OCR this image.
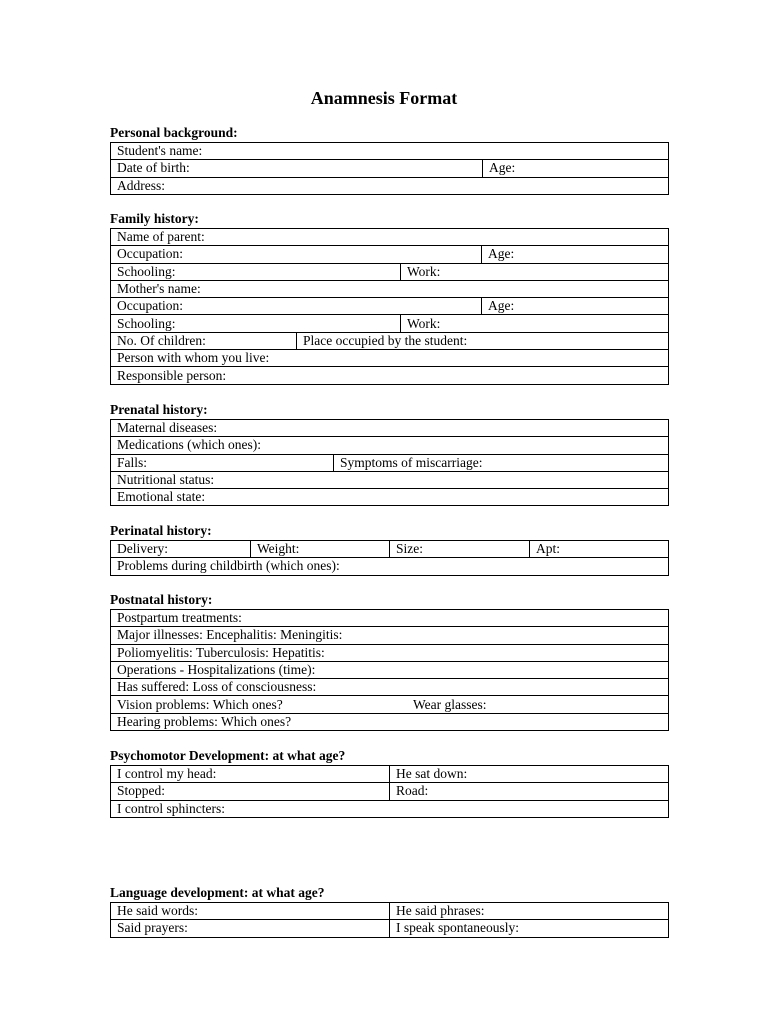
Anamnesis Format
Personal background:
Student's name:
Date of birth:	Age:
Address:
Family history:
Name of parent:			
Occupation:			Age:
Schooling:		Work:	
Mother's name:			
Occupation:			Age:
Schooling:		Work:	
No. Of children:	Place occupied by the student:		
Person with whom you live:			
Responsible person:			
Prenatal history:
Maternal diseases:
Medications (which ones):
Falls:	Symptoms of miscarriage:
Nutritional status:
Emotional state:
Perinatal history:
Delivery:	Weight:	Size:	Apt:
Problems during childbirth (which ones):
Postnatal history:
Postpartum treatments:
Major illnesses: Encephalitis: Meningitis:
Poliomyelitis: Tuberculosis: Hepatitis:
Operations - Hospitalizations (time):
Has suffered: Loss of consciousness:
Vision problems: Which ones?	Wear glasses:

Hearing problems: Which ones?
Psychomotor Development: at what age?
I control my head:	He sat down:
Stopped:	Road:
I control sphincters:	
Language development: at what age?
He said words:	He said phrases:
Said prayers:	I speak spontaneously:
